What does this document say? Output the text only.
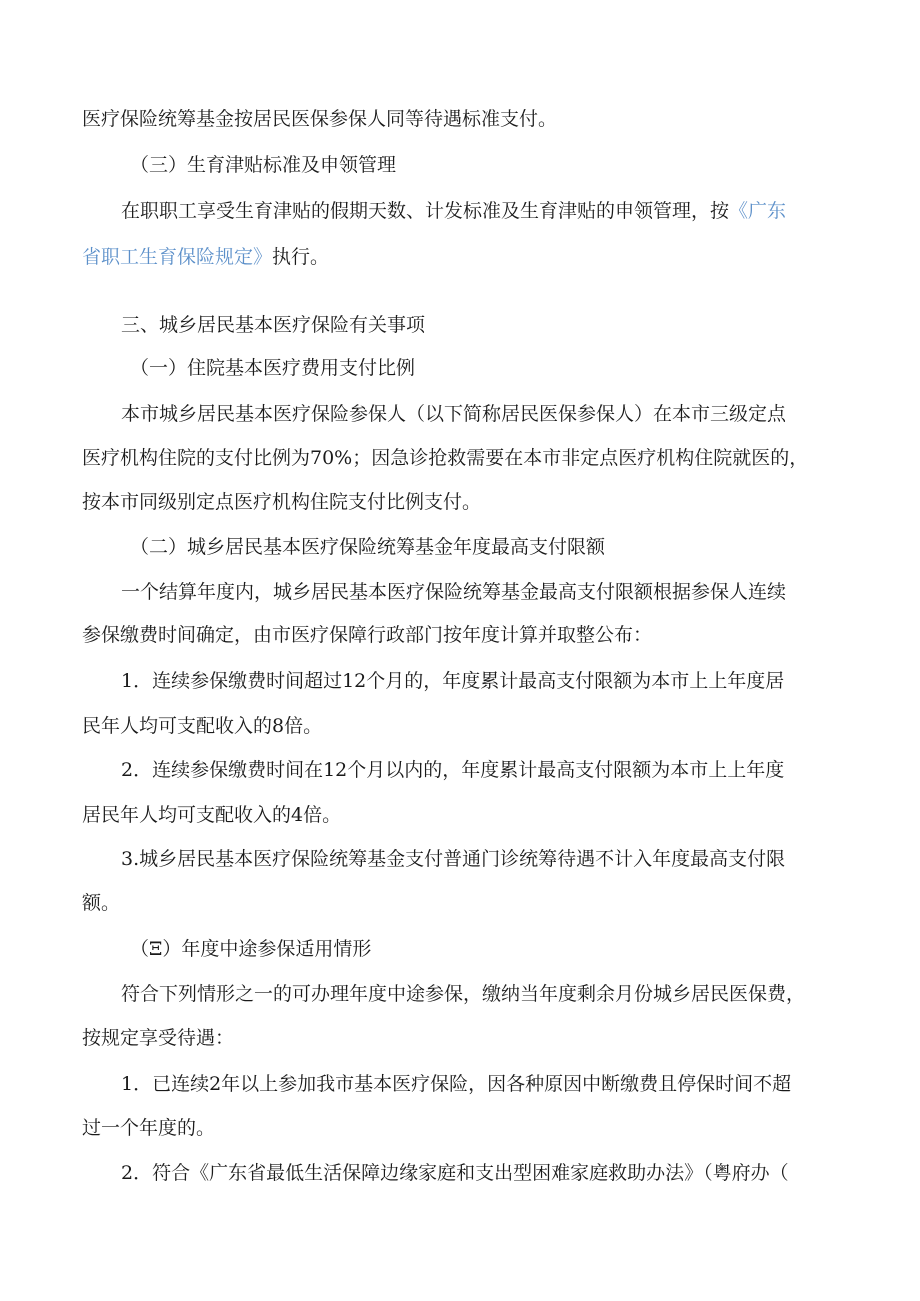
医疗保险统筹基金按居民医保参保人同等待遇标准支付。
（三）生育津贴标准及申领管理
在职职工享受生育津贴的假期天数、计发标准及生育津贴的申领管理，按《广东
省职工生育保险规定》执行。
三、城乡居民基本医疗保险有关事项
（一）住院基本医疗费用支付比例
本市城乡居民基本医疗保险参保人（以下简称居民医保参保人）在本市三级定点
医疗机构住院的支付比例为70%；因急诊抢救需要在本市非定点医疗机构住院就医的，
按本市同级别定点医疗机构住院支付比例支付。
（二）城乡居民基本医疗保险统筹基金年度最高支付限额
一个结算年度内，城乡居民基本医疗保险统筹基金最高支付限额根据参保人连续
参保缴费时间确定，由市医疗保障行政部门按年度计算并取整公布：
1．连续参保缴费时间超过12个月的，年度累计最高支付限额为本市上上年度居
民年人均可支配收入的8倍。
2．连续参保缴费时间在12个月以内的，年度累计最高支付限额为本市上上年度
居民年人均可支配收入的4倍。
3.城乡居民基本医疗保险统筹基金支付普通门诊统筹待遇不计入年度最高支付限
额。
（Ξ）年度中途参保适用情形
符合下列情形之一的可办理年度中途参保，缴纳当年度剩余月份城乡居民医保费，
按规定享受待遇：
1．已连续2年以上参加我市基本医疗保险，因各种原因中断缴费且停保时间不超
过一个年度的。
2．符合《广东省最低生活保障边缘家庭和支出型困难家庭救助办法》（粤府办（
